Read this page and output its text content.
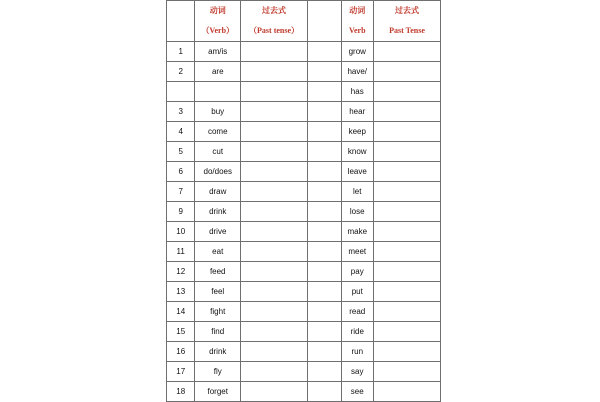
	动词	过去式		动词	过去式
	（Verb）	（Past tense）		Verb	Past Tense
1	am/is			grow	
2	are			have/	
				has	
3	buy			hear	
4	come			keep	
5	cut			know	
6	do/does			leave	
7	draw			let	
9	drink			lose	
10	drive			make	
11	eat			meet	
12	feed			pay	
13	feel			put	
14	fight			read	
15	find			ride	
16	drink			run	
17	fly			say	
18	forget			see	
